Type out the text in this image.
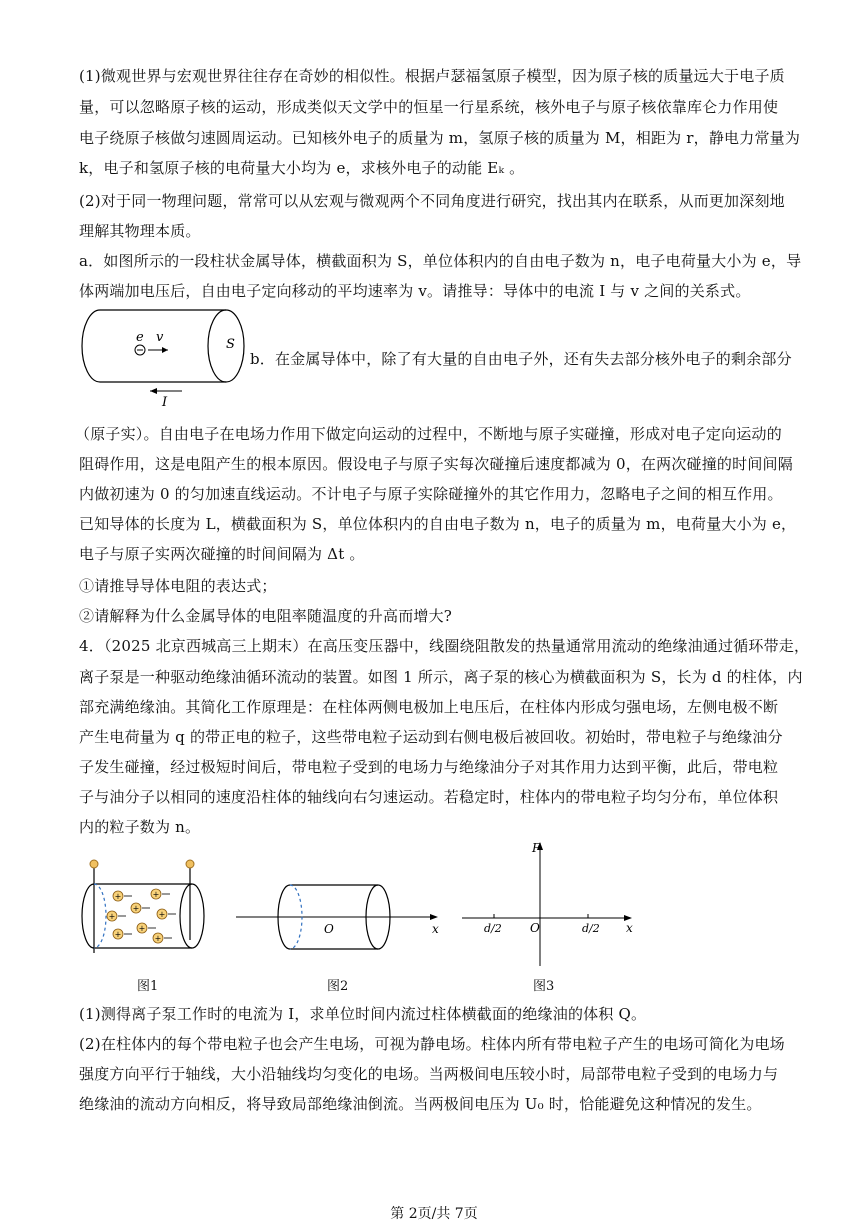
(1)微观世界与宏观世界往往存在奇妙的相似性。根据卢瑟福氢原子模型，因为原子核的质量远大于电子质
量，可以忽略原子核的运动，形成类似天文学中的恒星一行星系统，核外电子与原子核依靠库仑力作用使
电子绕原子核做匀速圆周运动。已知核外电子的质量为 m，氢原子核的质量为 M，相距为 r，静电力常量为
k，电子和氢原子核的电荷量大小均为 e，求核外电子的动能 Eₖ 。
(2)对于同一物理问题，常常可以从宏观与微观两个不同角度进行研究，找出其内在联系，从而更加深刻地
理解其物理本质。
a．如图所示的一段柱状金属导体，横截面积为 S，单位体积内的自由电子数为 n，电子电荷量大小为 e，导
体两端加电压后，自由电子定向移动的平均速率为 v。请推导：导体中的电流 I 与 v 之间的关系式。
b．在金属导体中，除了有大量的自由电子外，还有失去部分核外电子的剩余部分
（原子实）。自由电子在电场力作用下做定向运动的过程中，不断地与原子实碰撞，形成对电子定向运动的
阻碍作用，这是电阻产生的根本原因。假设电子与原子实每次碰撞后速度都减为 0，在两次碰撞的时间间隔
内做初速为 0 的匀加速直线运动。不计电子与原子实除碰撞外的其它作用力，忽略电子之间的相互作用。
已知导体的长度为 L，横截面积为 S，单位体积内的自由电子数为 n，电子的质量为 m，电荷量大小为 e，
电子与原子实两次碰撞的时间间隔为 Δt 。
①请推导导体电阻的表达式；
②请解释为什么金属导体的电阻率随温度的升高而增大?
4．（2025 北京西城高三上期末）在高压变压器中，线圈绕阻散发的热量通常用流动的绝缘油通过循环带走，
离子泵是一种驱动绝缘油循环流动的装置。如图 1 所示，离子泵的核心为横截面积为 S，长为 d 的柱体，内
部充满绝缘油。其简化工作原理是：在柱体两侧电极加上电压后，在柱体内形成匀强电场，左侧电极不断
产生电荷量为 q 的带正电的粒子，这些带电粒子运动到右侧电极后被回收。初始时，带电粒子与绝缘油分
子发生碰撞，经过极短时间后，带电粒子受到的电场力与绝缘油分子对其作用力达到平衡，此后，带电粒
子与油分子以相同的速度沿柱体的轴线向右匀速运动。若稳定时，柱体内的带电粒子均匀分布，单位体积
内的粒子数为 n。
(1)测得离子泵工作时的电流为 I，求单位时间内流过柱体横截面的绝缘油的体积 Q。
(2)在柱体内的每个带电粒子也会产生电场，可视为静电场。柱体内所有带电粒子产生的电场可简化为电场
强度方向平行于轴线，大小沿轴线均匀变化的电场。当两极间电压较小时，局部带电粒子受到的电场力与
绝缘油的流动方向相反，将导致局部绝缘油倒流。当两极间电压为 U₀ 时，恰能避免这种情况的发生。
e v	S
I
+	+
+
+
+
+
+
+
图1
O	x
图2
F
x
O
d/2	d/2
图3
第 2页/共 7页
